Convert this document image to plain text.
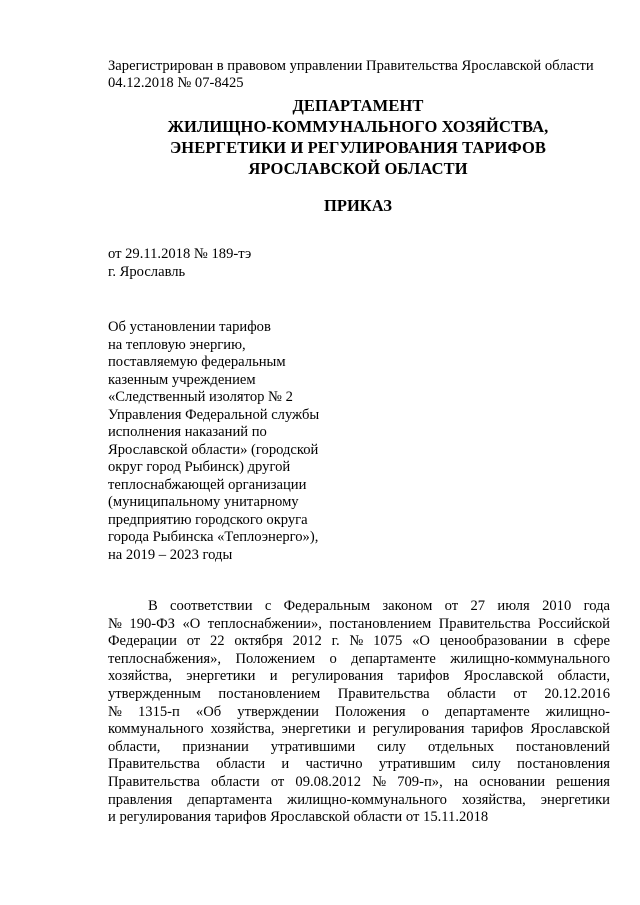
Зарегистрирован в правовом управлении Правительства Ярославской области
04.12.2018 № 07-8425
ДЕПАРТАМЕНТ
ЖИЛИЩНО-КОММУНАЛЬНОГО ХОЗЯЙСТВА,
ЭНЕРГЕТИКИ И РЕГУЛИРОВАНИЯ ТАРИФОВ
ЯРОСЛАВСКОЙ ОБЛАСТИ
ПРИКАЗ
от 29.11.2018 № 189-тэ
г. Ярославль
Об установлении тарифов
на тепловую энергию,
поставляемую федеральным
казенным учреждением
«Следственный изолятор № 2
Управления Федеральной службы
исполнения наказаний по
Ярославской области» (городской
округ город Рыбинск) другой
теплоснабжающей организации
(муниципальному унитарному
предприятию городского округа
города Рыбинска «Теплоэнерго»),
на 2019 – 2023 годы
В соответствии с Федеральным законом от 27 июля 2010 года
№ 190-ФЗ «О теплоснабжении», постановлением Правительства Российской
Федерации от 22 октября 2012 г. № 1075 «О ценообразовании в сфере
теплоснабжения», Положением о департаменте жилищно-коммунального
хозяйства, энергетики и регулирования тарифов Ярославской области,
утвержденным постановлением Правительства области от 20.12.2016
№ 1315-п «Об утверждении Положения о департаменте жилищно-
коммунального хозяйства, энергетики и регулирования тарифов Ярославской
области, признании утратившими силу отдельных постановлений
Правительства области и частично утратившим силу постановления
Правительства области от 09.08.2012 № 709-п», на основании решения
правления департамента жилищно-коммунального хозяйства, энергетики
и регулирования тарифов Ярославской области от 15.11.2018
